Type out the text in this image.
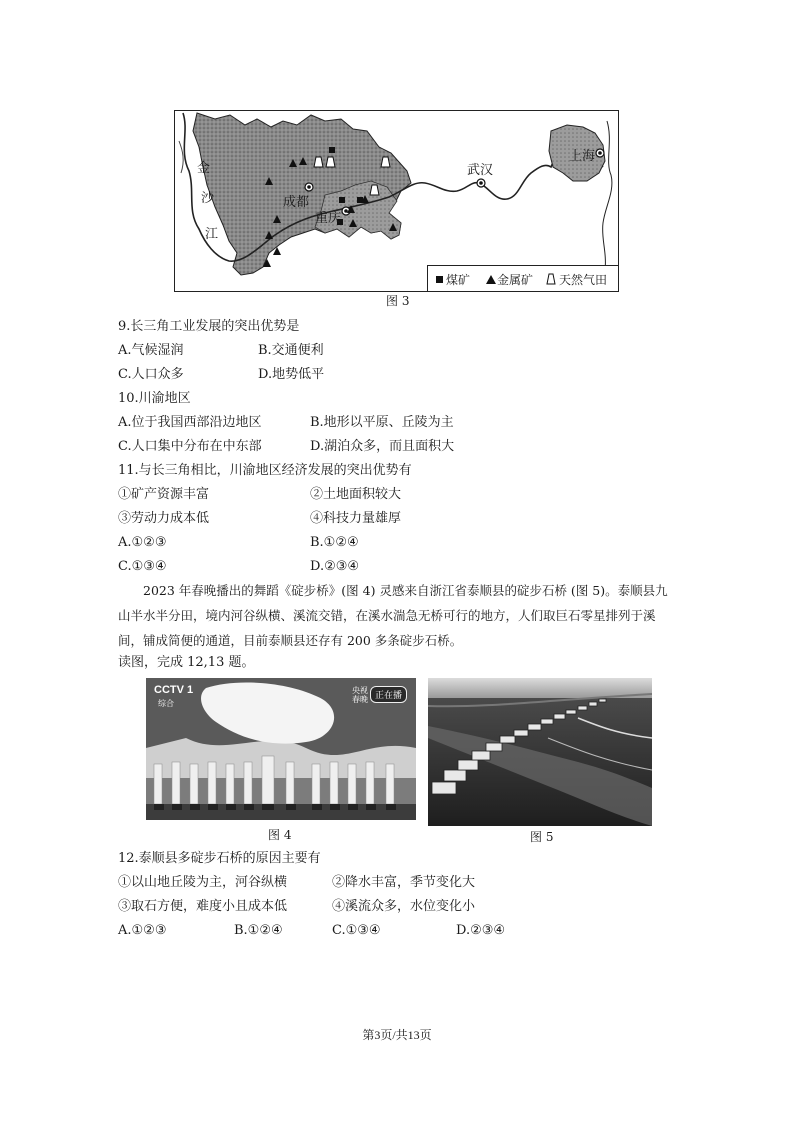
金
沙
江
成都
重庆
武汉
上海
煤矿 金属矿 天然气田
图 3
9.长三角工业发展的突出优势是
A.气候湿润	B.交通便利
C.人口众多	D.地势低平
10.川渝地区
A.位于我国西部沿边地区	B.地形以平原、丘陵为主
C.人口集中分布在中东部	D.湖泊众多，而且面积大
11.与长三角相比，川渝地区经济发展的突出优势有
①矿产资源丰富	②土地面积较大
③劳动力成本低	④科技力量雄厚
A.①②③	B.①②④
C.①③④	D.②③④
2023 年春晚播出的舞蹈《碇步桥》(图 4) 灵感来自浙江省泰顺县的碇步石桥 (图 5)。泰顺县九山半水半分田，境内河谷纵横、溪流交错，在溪水湍急无桥可行的地方，人们取巨石零星排列于溪间，铺成简便的通道，目前泰顺县还存有 200 多条碇步石桥。
读图，完成 12,13 题。
CCTV 1
综合
央视 春晚 正在播
图 4	图 5
12.泰顺县多碇步石桥的原因主要有
①以山地丘陵为主，河谷纵横	②降水丰富，季节变化大
③取石方便，难度小且成本低	④溪流众多，水位变化小
A.①②③	B.①②④	C.①③④	D.②③④
第3页/共13页
